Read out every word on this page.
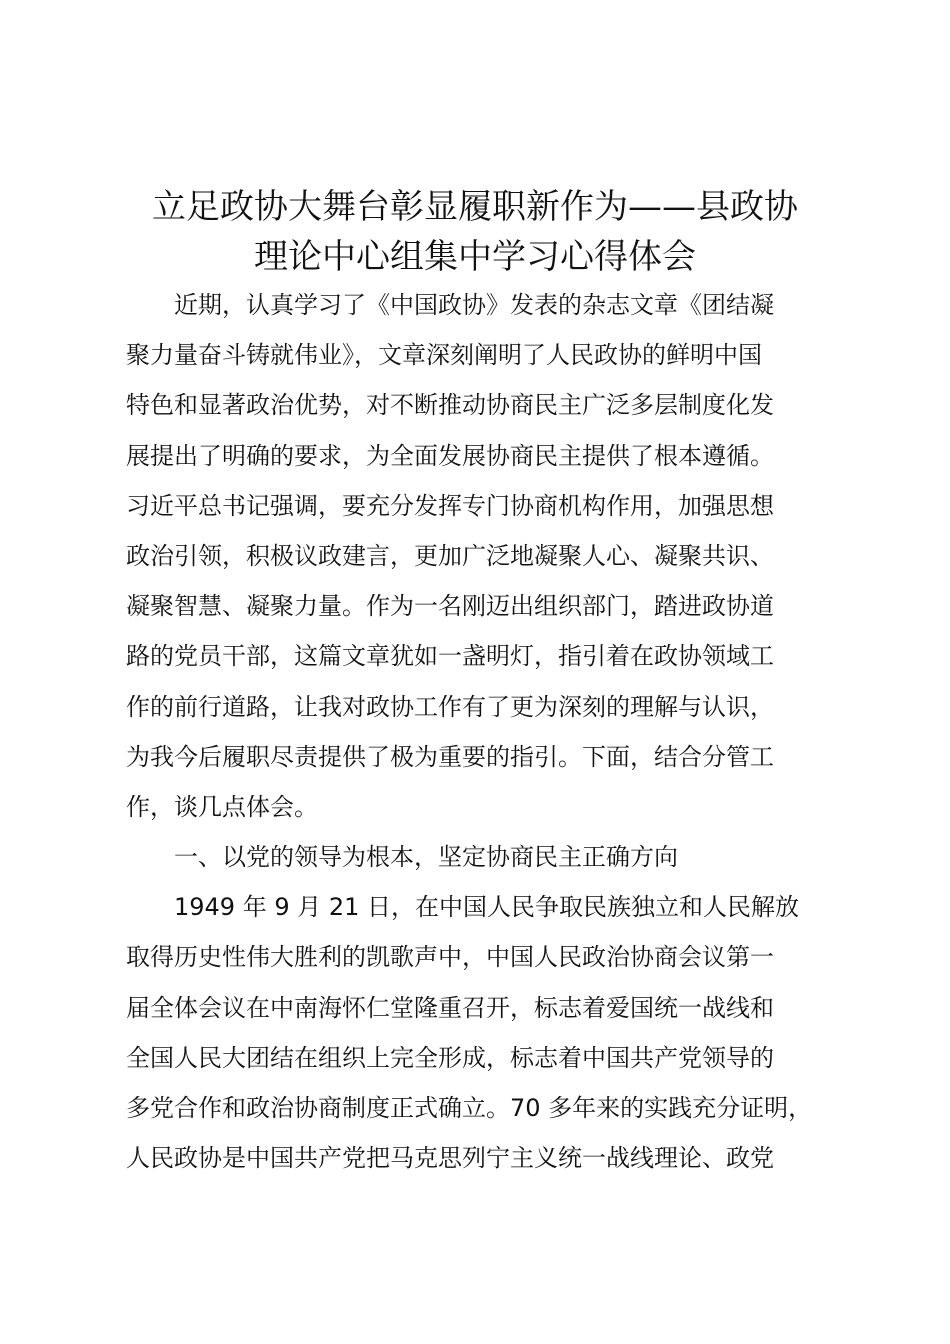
立足政协大舞台彰显履职新作为——县政协
理论中心组集中学习心得体会
近期，认真学习了《中国政协》发表的杂志文章《团结凝
聚力量奋斗铸就伟业》，文章深刻阐明了人民政协的鲜明中国
特色和显著政治优势，对不断推动协商民主广泛多层制度化发
展提出了明确的要求，为全面发展协商民主提供了根本遵循。
习近平总书记强调，要充分发挥专门协商机构作用，加强思想
政治引领，积极议政建言，更加广泛地凝聚人心、凝聚共识、
凝聚智慧、凝聚力量。作为一名刚迈出组织部门，踏进政协道
路的党员干部，这篇文章犹如一盏明灯，指引着在政协领域工
作的前行道路，让我对政协工作有了更为深刻的理解与认识，
为我今后履职尽责提供了极为重要的指引。下面，结合分管工
作，谈几点体会。
一、以党的领导为根本，坚定协商民主正确方向
1949 年 9 月 21 日，在中国人民争取民族独立和人民解放
取得历史性伟大胜利的凯歌声中，中国人民政治协商会议第一
届全体会议在中南海怀仁堂隆重召开，标志着爱国统一战线和
全国人民大团结在组织上完全形成，标志着中国共产党领导的
多党合作和政治协商制度正式确立。70 多年来的实践充分证明，
人民政协是中国共产党把马克思列宁主义统一战线理论、政党
